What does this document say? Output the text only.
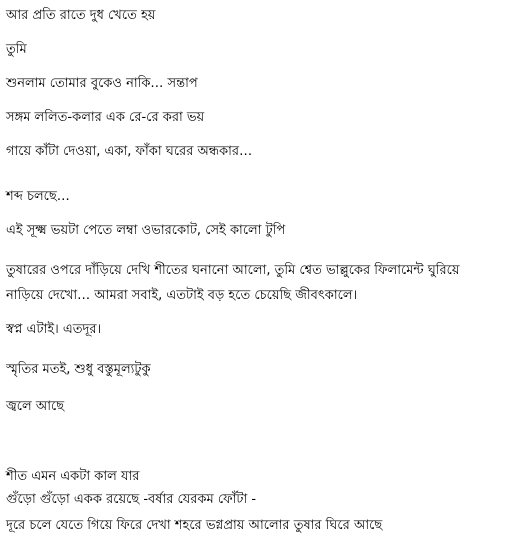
আর প্রতি রাতে দুধ খেতে হয়
তুমি
শুনলাম তোমার বুকেও নাকি… সন্তাপ
সঙ্গম ললিত-কলার এক রে-রে করা ভয়
গায়ে কাঁটা দেওয়া, একা, ফাঁকা ঘরের অন্ধকার…
শব্দ চলছে…
এই সূক্ষ্ম ভয়টা পেতে লম্বা ওভারকোট, সেই কালো টুপি
তুষারের ওপরে দাঁড়িয়ে দেখি শীতের ঘনানো আলো, তুমি শ্বেত ভাল্লুকের ফিলামেন্ট ঘুরিয়ে
নাড়িয়ে দেখো… আমরা সবাই, এতটাই বড় হতে চেয়েছি জীবৎকালে।
স্বপ্ন এটাই। এতদূর।
স্মৃতির মতই, শুধু বস্তুমূল্যটুকু
জ্বলে আছে
শীত এমন একটা কাল যার
গুঁড়ো গুঁড়ো একক রয়েছে -বর্ষার যেরকম ফোঁটা -
দূরে চলে যেতে গিয়ে ফিরে দেখা শহরে ভগ্নপ্রায় আলোর তুষার ঘিরে আছে
